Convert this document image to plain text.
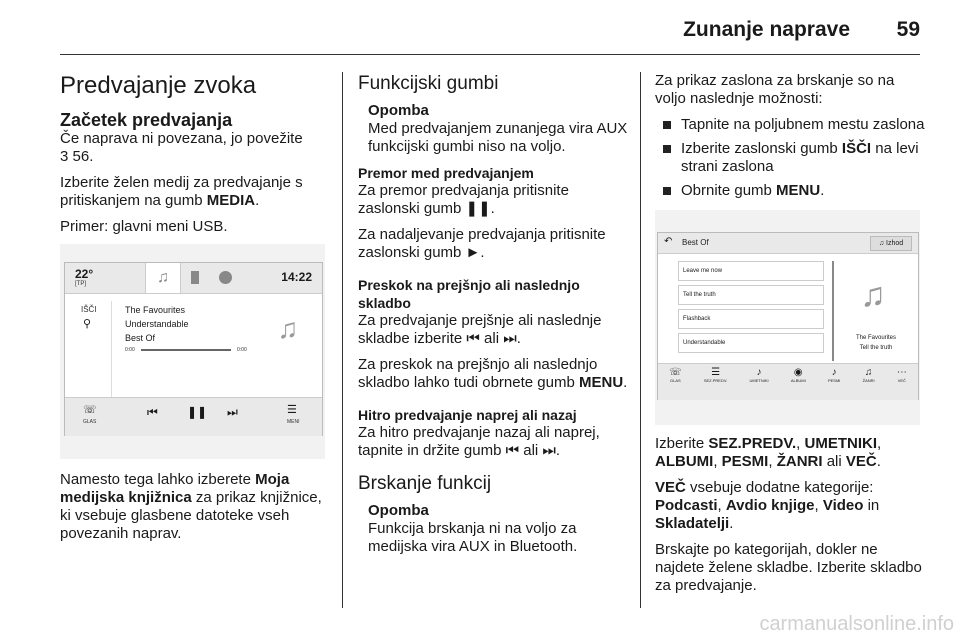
Zunanje naprave 59
Predvajanje zvoka
Začetek predvajanja
Če naprava ni povezana, jo povežite
3 56.
Izberite želen medij za predvajanje s pritiskanjem na gumb MEDIA.
Primer: glavni meni USB.
22°
[TP]	♫	14:22
IŠČI
⚲
The Favourites
Understandable
Best Of
0:00	0:00
♫
☏
GLAS
⏮ ❚❚ ⏭	☰
MENI
Namesto tega lahko izberete Moja medijska knjižnica za prikaz knjižnice, ki vsebuje glasbene datoteke vseh povezanih naprav.
Funkcijski gumbi
Opomba
Med predvajanjem zunanjega vira AUX funkcijski gumbi niso na voljo.
Premor med predvajanjem
Za premor predvajanja pritisnite zaslonski gumb ❚❚.
Za nadaljevanje predvajanja pritisnite zaslonski gumb ►.
Preskok na prejšnjo ali naslednjo skladbo
Za predvajanje prejšnje ali naslednje skladbe izberite ⏮ ali ⏭.
Za preskok na prejšnjo ali naslednjo skladbo lahko tudi obrnete gumb MENU.
Hitro predvajanje naprej ali nazaj
Za hitro predvajanje nazaj ali naprej, tapnite in držite gumb ⏮ ali ⏭.
Brskanje funkcij
Opomba
Funkcija brskanja ni na voljo za medijska vira AUX in Bluetooth.
Za prikaz zaslona za brskanje so na voljo naslednje možnosti:
Tapnite na poljubnem mestu zaslona
Izberite zaslonski gumb IŠČI na levi strani zaslona
Obrnite gumb MENU.
↶ Best Of	♫ Izhod
Leave me now
Tell the truth
Flashback
Understandable
♫
The Favourites
Tell the truth
☏
GLAS
☰
SEZ.PREDV.
♪
UMETNIKI
◉
ALBUMI
♪
PESMI
♫
ŽANRI
⋯
VEČ
Izberite SEZ.PREDV., UMETNIKI, ALBUMI, PESMI, ŽANRI ali VEČ.
VEČ vsebuje dodatne kategorije: Podcasti, Avdio knjige, Video in Skladatelji.
Brskajte po kategorijah, dokler ne najdete želene skladbe. Izberite skladbo za predvajanje.
carmanualsonline.info
